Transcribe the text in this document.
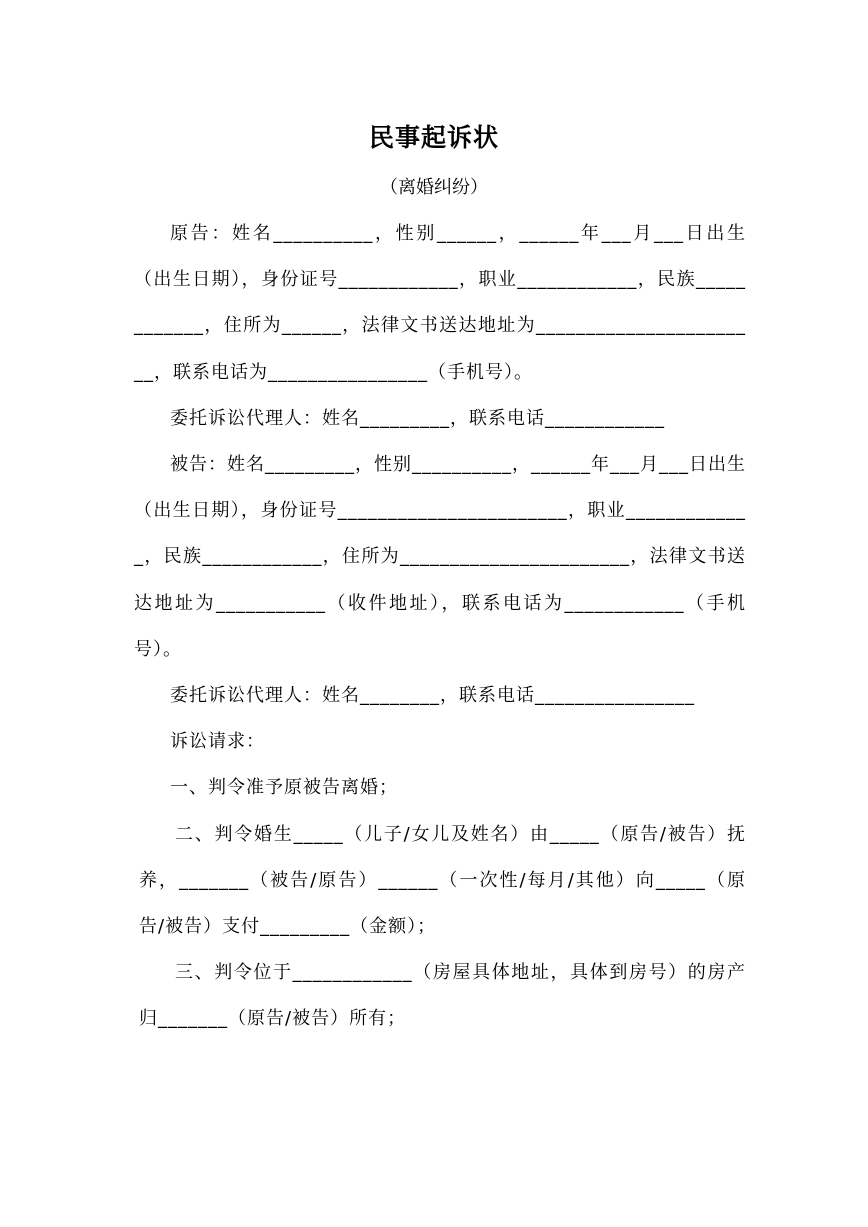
民事起诉状
（离婚纠纷）

原告：姓名__________，性别______，______年___月___日出生（出生日期），身份证号____________，职业____________，民族____________，住所为______，法律文书送达地址为_______________________，联系电话为________________（手机号）。

委托诉讼代理人：姓名_________，联系电话____________

被告：姓名_________，性别__________，______年___月___日出生（出生日期），身份证号_______________________，职业_____________，民族____________，住所为_______________________，法律文书送达地址为___________（收件地址），联系电话为____________（手机号）。

委托诉讼代理人：姓名________，联系电话________________

诉讼请求：

一、判令准予原被告离婚；

二、判令婚生_____（儿子/女儿及姓名）由_____（原告/被告）抚养，_______（被告/原告）______（一次性/每月/其他）向_____（原告/被告）支付_________（金额）；

三、判令位于____________（房屋具体地址，具体到房号）的房产归_______（原告/被告）所有；
